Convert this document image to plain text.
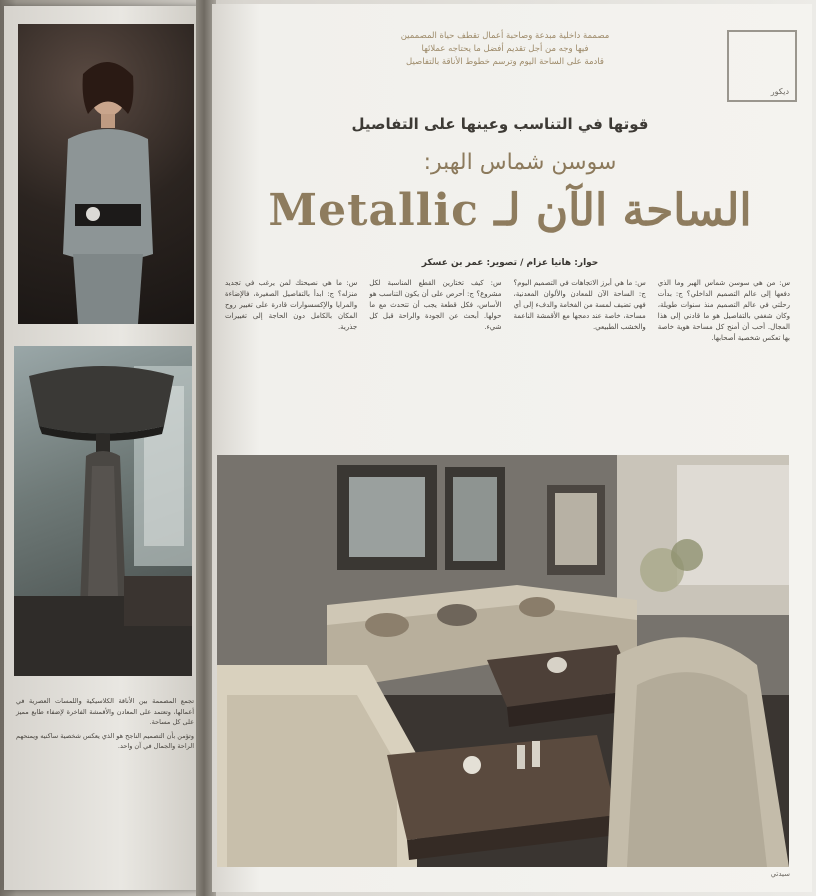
تجمع المصممة بين الأناقة الكلاسيكية واللمسات العصرية في أعمالها، وتعتمد على المعادن والأقمشة الفاخرة لإضفاء طابع مميز على كل مساحة.

وتؤمن بأن التصميم الناجح هو الذي يعكس شخصية ساكنيه ويمنحهم الراحة والجمال في آن واحد.

ديكور
مصممة داخلية مبدعة وصاحبة أعمال تقطف حياة المصممين
فيها وجه من أجل تقديم أفضل ما يحتاجه عملائها
قادمة على الساحة اليوم وترسم خطوط الأناقة بالتفاصيل
قوتها في التناسب وعينها على التفاصيل
سوسن شماس الهبر:
الساحة الآن لـ Metallic
حوار: هانيا عزام / تصوير: عمر بن عسكر
س: من هي سوسن شماس الهبر وما الذي دفعها إلى عالم التصميم الداخلي؟ ج: بدأت رحلتي في عالم التصميم منذ سنوات طويلة، وكان شغفي بالتفاصيل هو ما قادني إلى هذا المجال. أحب أن أمنح كل مساحة هوية خاصة بها تعكس شخصية أصحابها.
س: ما هي أبرز الاتجاهات في التصميم اليوم؟ ج: الساحة الآن للمعادن والألوان المعدنية، فهي تضيف لمسة من الفخامة والدفء إلى أي مساحة، خاصة عند دمجها مع الأقمشة الناعمة والخشب الطبيعي.
س: كيف تختارين القطع المناسبة لكل مشروع؟ ج: أحرص على أن يكون التناسب هو الأساس، فكل قطعة يجب أن تتحدث مع ما حولها. أبحث عن الجودة والراحة قبل كل شيء.
س: ما هي نصيحتك لمن يرغب في تجديد منزله؟ ج: ابدأ بالتفاصيل الصغيرة، فالإضاءة والمرايا والإكسسوارات قادرة على تغيير روح المكان بالكامل دون الحاجة إلى تغييرات جذرية.
سيدتي
